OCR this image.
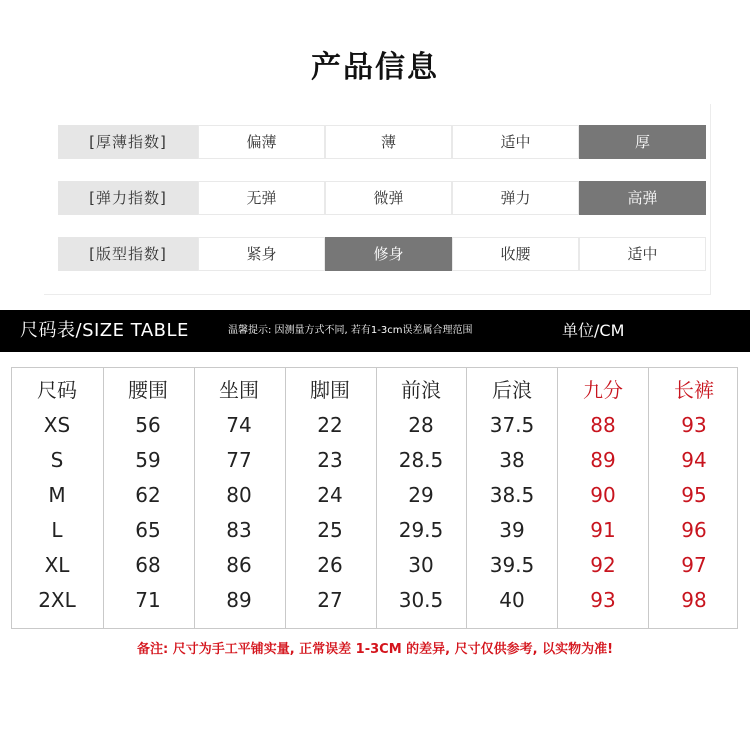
产品信息
[厚薄指数]	偏薄	薄	适中	厚
[弹力指数]	无弹	微弹	弹力	高弹
[版型指数]	紧身	修身	收腰	适中
尺码表/SIZE TABLE	温馨提示: 因测量方式不同, 若有1-3cm误差属合理范围	单位/CM
尺码	腰围	坐围	脚围	前浪	后浪	九分	长裤
XS	56	74	22	28	37.5	88	93
S	59	77	23	28.5	38	89	94
M	62	80	24	29	38.5	90	95
L	65	83	25	29.5	39	91	96
XL	68	86	26	30	39.5	92	97
2XL	71	89	27	30.5	40	93	98
备注: 尺寸为手工平铺实量, 正常误差 1-3CM 的差异, 尺寸仅供参考, 以实物为准!
